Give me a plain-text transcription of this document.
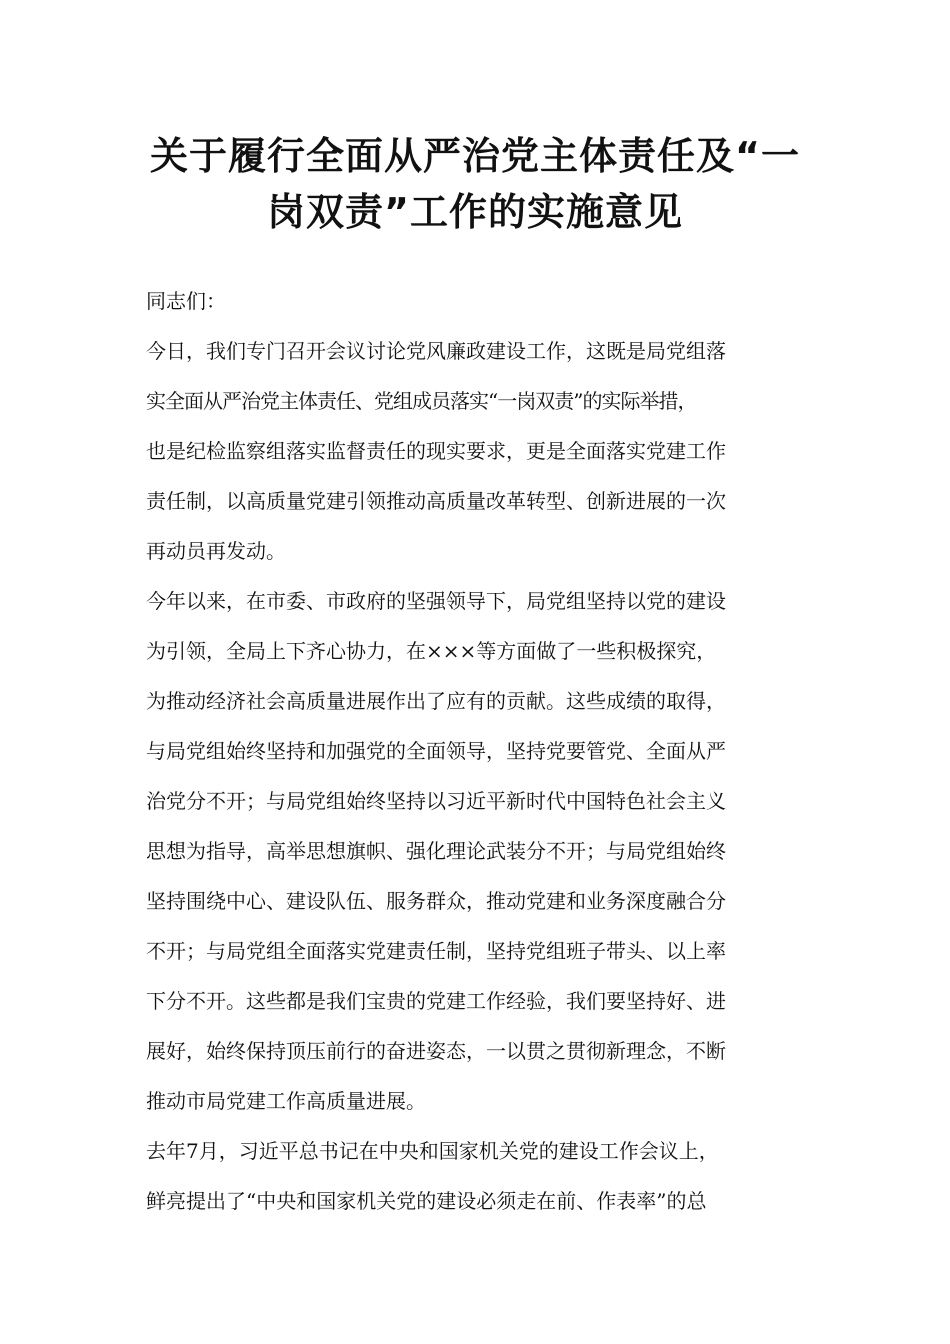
关于履行全面从严治党主体责任及“一
岗双责”工作的实施意见
同志们：
今日，我们专门召开会议讨论党风廉政建设工作，这既是局党组落
实全面从严治党主体责任、党组成员落实“一岗双责”的实际举措，
也是纪检监察组落实监督责任的现实要求，更是全面落实党建工作
责任制，以高质量党建引领推动高质量改革转型、创新进展的一次
再动员再发动。
今年以来，在市委、市政府的坚强领导下，局党组坚持以党的建设
为引领，全局上下齐心协力，在×××等方面做了一些积极探究，
为推动经济社会高质量进展作出了应有的贡献。这些成绩的取得，
与局党组始终坚持和加强党的全面领导，坚持党要管党、全面从严
治党分不开；与局党组始终坚持以习近平新时代中国特色社会主义
思想为指导，高举思想旗帜、强化理论武装分不开；与局党组始终
坚持围绕中心、建设队伍、服务群众，推动党建和业务深度融合分
不开；与局党组全面落实党建责任制，坚持党组班子带头、以上率
下分不开。这些都是我们宝贵的党建工作经验，我们要坚持好、进
展好，始终保持顶压前行的奋进姿态，一以贯之贯彻新理念，不断
推动市局党建工作高质量进展。
去年7月，习近平总书记在中央和国家机关党的建设工作会议上，
鲜亮提出了“中央和国家机关党的建设必须走在前、作表率”的总
